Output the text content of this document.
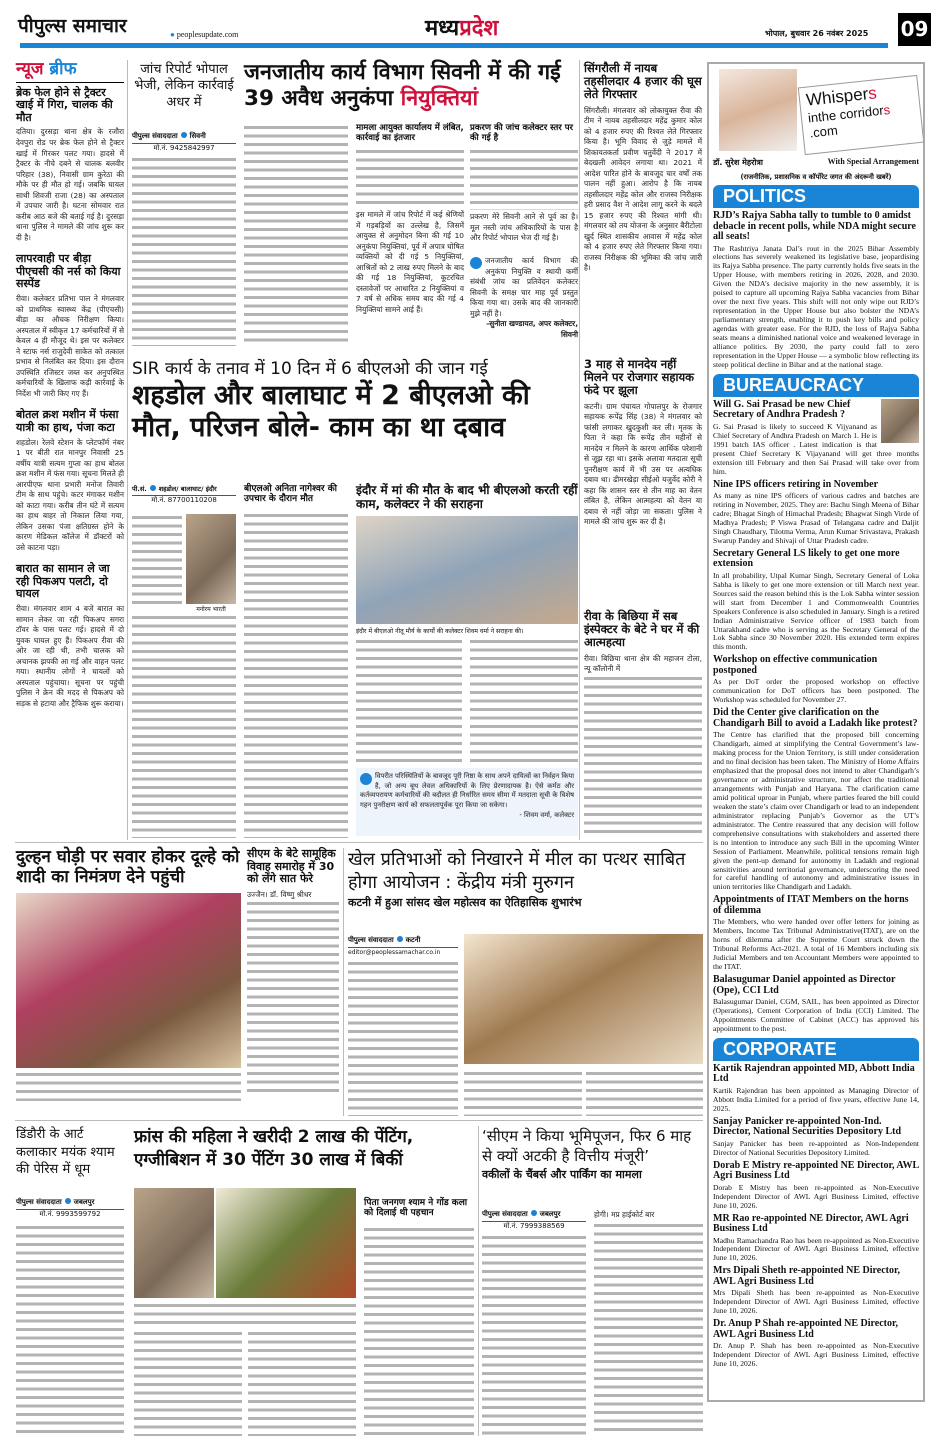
पीपुल्स समाचार	● peoplesupdate.com	मध्यप्रदेश	भोपाल, बुधवार 26 नवंबर 2025 09
न्यूज ब्रीफ
ब्रेक फेल होने से ट्रैक्टर खाई में गिरा, चालक की मौत
दतिया। दुरसड़ा थाना क्षेत्र के रजौरा देवपुरा रोड पर ब्रेक फेल होने से ट्रैक्टर खाई में गिरकर पलट गया। हादसे में ट्रैक्टर के नीचे दबने से चालक बलवीर परिहार (38), निवासी ग्राम कुरेठा की मौके पर ही मौत हो गई। जबकि घायल साथी शिवजी राजा (28) का अस्पताल में उपचार जारी है। घटना सोमवार रात करीब आठ बजे की बताई गई है। दुरसड़ा थाना पुलिस ने मामले की जांच शुरू कर दी है।
लापरवाही पर बीड़ा पीएचसी की नर्स को किया सस्पेंड
रीवा। कलेक्टर प्रतिभा पाल ने मंगलवार को प्राथमिक स्वास्थ्य केंद्र (पीएचसी) बीड़ा का औचक निरीक्षण किया। अस्पताल में स्वीकृत 17 कर्मचारियों में से केवल 4 ही मौजूद थे। इस पर कलेक्टर ने स्टाफ नर्स राजुदेवी साकेत को तत्काल प्रभाव से निलंबित कर दिया। इस दौरान उपस्थिति रजिस्टर जब्त कर अनुपस्थित कर्मचारियों के खिलाफ कड़ी कार्रवाई के निर्देश भी जारी किए गए हैं।
बोतल क्रश मशीन में फंसा यात्री का हाथ, पंजा कटा
शहडोल। रेलवे स्टेशन के प्लेटफॉर्म नंबर 1 पर बीती रात मानपुर निवासी 25 वर्षीय यात्री सत्यम गुप्ता का हाथ बोतल क्रश मशीन में फंस गया। सूचना मिलते ही आरपीएफ थाना प्रभारी मनोज तिवारी टीम के साथ पहुंचे। कटर मंगाकर मशीन को काटा गया। करीब तीन घंटे में सत्यम का हाथ बाहर तो निकाल लिया गया, लेकिन उसका पंजा क्षतिग्रस्त होने के कारण मेडिकल कॉलेज में डॉक्टरों को उसे काटना पड़ा।
बारात का सामान ले जा रही पिकअप पलटी, दो घायल
रीवा। मंगलवार शाम 4 बजे बारात का सामान लेकर जा रही पिकअप सगरा टॉवर के पास पलट गई। हादसे में दो युवक घायल हुए हैं। पिकअप रीवा की ओर जा रही थी, तभी चालक को अचानक झपकी आ गई और वाहन पलट गया। स्थानीय लोगों ने घायलों को अस्पताल पहुंचाया। सूचना पर पहुंची पुलिस ने क्रेन की मदद से पिकअप को सड़क से हटाया और ट्रैफिक शुरू कराया।
जांच रिपोर्ट भोपाल भेजी, लेकिन कार्रवाई अधर में
पीपुल्स संवाददाता सिवनी
मो.नं. 9425842997
जनजातीय कार्य विभाग सिवनी में की गई 39 अवैध अनुकंपा नियुक्तियां
मामला आयुक्त कार्यालय में लंबित, कार्रवाई का इंतजार
इस मामले में जांच रिपोर्ट में कई श्रेणियों में गड़बड़ियों का उल्लेख है, जिसमें आयुक्त से अनुमोदन बिना की गई 10 अनुकंपा नियुक्तियां, पूर्व में अपात्र घोषित व्यक्तियों को दी गई 5 नियुक्तियां, आश्रितों को 2 लाख रुपए मिलने के बाद की गई 18 नियुक्तियां, कूटरचित दस्तावेजों पर आधारित 2 नियुक्तियां व 7 वर्ष से अधिक समय बाद की गई 4 नियुक्तियां सामने आई हैं।
प्रकरण की जांच कलेक्टर स्तर पर की गई है
प्रकरण मेरे सिवनी आने से पूर्व का है। मूल नस्ती जांच अधिकारियों के पास है और रिपोर्ट भोपाल भेज दी गई है।
जनजातीय कार्य विभाग की अनुकंपा नियुक्ति व स्थायी कर्मी संबंधी जांच का प्रतिवेदन कलेक्टर सिवनी के समक्ष चार माह पूर्व प्रस्तुत किया गया था। उसके बाद की जानकारी मुझे नहीं है।
-सुनीता खण्डायत, अपर कलेक्टर, सिवनी
सिंगरौली में नायब तहसीलदार 4 हजार की घूस लेते गिरफ्तार
सिंगरौली। मंगलवार को लोकायुक्त रीवा की टीम ने नायब तहसीलदार महेंद्र कुमार कोल को 4 हजार रुपए की रिश्वत लेते गिरफ्तार किया है। भूमि विवाद से जुड़े मामले में शिकायतकर्ता प्रवीण चतुर्वेदी ने 2017 में बेदखली आवेदन लगाया था। 2021 में आदेश पारित होने के बावजूद चार वर्षों तक पालन नहीं हुआ। आरोप है कि नायब तहसीलदार महेंद्र कोल और राजस्व निरीक्षक हरी प्रसाद वैश ने आदेश लागू करने के बदले 15 हजार रुपए की रिश्वत मांगी थी। मंगलवार को तय योजना के अनुसार बैरीटोला खुर्द स्थित शासकीय आवास में महेंद्र कोल को 4 हजार रुपए लेते गिरफ्तार किया गया। राजस्व निरीक्षक की भूमिका की जांच जारी है।
SIR कार्य के तनाव में 10 दिन में 6 बीएलओ की जान गई
शहडोल और बालाघाट में 2 बीएलओ की मौत, परिजन बोले- काम का था दबाव
पी.सं. शहडोल/ बालाघाट/ इंदौर
मो.नं. 87700110208
मनोरम भारती
बीएलओ अनिता नागेश्वर की उपचार के दौरान मौत
इंदौर में मां की मौत के बाद भी बीएलओ करती रहीं काम, कलेक्टर ने की सराहना
इंदौर में बीएलओ नीतू मौर्य के कार्यों की कलेक्टर शिवम वर्मा ने सराहना की।
विपरीत परिस्थितियों के बावजूद पूरी निष्ठा के साथ अपने दायित्वों का निर्वहन किया है, जो अन्य बूथ लेवल अधिकारियों के लिए प्रेरणादायक है। ऐसे कर्मठ और कर्तव्यपरायण कर्मचारियों की बदौलत ही निर्धारित समय सीमा में मतदाता सूची के विशेष गहन पुनरीक्षण कार्य को सफलतापूर्वक पूरा किया जा सकेगा।
- शिवम वर्मा, कलेक्टर
3 माह से मानदेय नहीं मिलने पर रोजगार सहायक फंदे पर झूला
कटनी। ग्राम पंचायत गोपालपुर के रोजगार सहायक रूपेंद्र सिंह (38) ने मंगलवार को फांसी लगाकर खुदकुशी कर ली। मृतक के पिता ने कहा कि रूपेंद्र तीन महीनों से मानदेय न मिलने के कारण आर्थिक परेशानी से जूझ रहा था। इसके अलावा मतदाता सूची पुनरीक्षण कार्य में भी उस पर अत्यधिक दबाव था। ढीमरखेड़ा सीईओ यजुर्वेद कोरी ने कहा कि शासन स्तर से तीन माह का वेतन लंबित है, लेकिन आत्महत्या को वेतन या दबाव से नहीं जोड़ा जा सकता। पुलिस ने मामले की जांच शुरू कर दी है।
रीवा के बिछिया में सब इंस्पेक्टर के बेटे ने घर में की आत्महत्या
रीवा। बिछिया थाना क्षेत्र की महाजन टोला, न्यू कॉलोनी में
दुल्हन घोड़ी पर सवार होकर दूल्हे को शादी का निमंत्रण देने पहुंची
सीएम के बेटे सामूहिक विवाह समारोह में 30 को लेंगे सात फेरे
उज्जैन। डॉ. विष्णु श्रीधर
खेल प्रतिभाओं को निखारने में मील का पत्थर साबित होगा आयोजन : केंद्रीय मंत्री मुरुगन
कटनी में हुआ सांसद खेल महोत्सव का ऐतिहासिक शुभारंभ
पीपुल्स संवाददाता कटनी
editor@peoplessamachar.co.in
डिंडौरी के आर्ट कलाकार मयंक श्याम की पेरिस में धूम
पीपुल्स संवाददाता जबलपुर
मो.नं. 9993599792
फ्रांस की महिला ने खरीदी 2 लाख की पेंटिंग, एग्जीबिशन में 30 पेंटिंग 30 लाख में बिकीं
पिता जनगण श्याम ने गोंड कला को दिलाई थी पहचान
‘सीएम ने किया भूमिपूजन, फिर 6 माह से क्यों अटकी है वित्तीय मंजूरी’
वकीलों के चैंबर्स और पार्किंग का मामला
पीपुल्स संवाददाता जबलपुर
मो.नं. 7999388569
होगी। मप्र हाईकोर्ट बार
Whispers
inthe corridors
.com
डॉ. सुरेश मेहरोत्रा	With Special Arrangement
(राजनीतिक, प्रशासनिक व कॉर्पोरेट जगत की अंदरूनी खबरें)
POLITICS
RJD’s Rajya Sabha tally to tumble to 0 amidst debacle in recent polls, while NDA might secure all seats!
The Rashtriya Janata Dal’s rout in the 2025 Bihar Assembly elections has severely weakened its legislative base, jeopardising its Rajya Sabha presence. The party currently holds five seats in the Upper House, with members retiring in 2026, 2028, and 2030. Given the NDA’s decisive majority in the new assembly, it is poised to capture all upcoming Rajya Sabha vacancies from Bihar over the next five years. This shift will not only wipe out RJD’s representation in the Upper House but also bolster the NDA’s parliamentary strength, enabling it to push key bills and policy agendas with greater ease. For the RJD, the loss of Rajya Sabha seats means a diminished national voice and weakened leverage in alliance politics. By 2030, the party could fall to zero representation in the Upper House — a symbolic blow reflecting its steep political decline in Bihar and at the national stage.
BUREAUCRACY
Will G. Sai Prasad be new Chief Secretary of Andhra Pradesh ?
G. Sai Prasad is likely to succeed K Vijyanand as Chief Secretary of Andhra Pradesh on March 1. He is 1991 batch IAS officer . Latest indication is that present Chief Secretary K Vijayanand will get three months extension till February and then Sai Prasad will take over from him.
Nine IPS officers retiring in November
As many as nine IPS officers of various cadres and batches are retiring in November, 2025. They are: Bachu Singh Meena of Bihar cadre; Bhagat Singh of Himachal Pradesh; Bhagwat Singh Virde of Madhya Pradesh; P Viswa Prasad of Telangana cadre and Daljit Singh Chaudhary, Tilotma Verma, Arun Kumar Srivastava, Prakash Swarup Pandey and Shivaji of Uttar Pradesh cadre.
Secretary General LS likely to get one more extension
In all probability, Utpal Kumar Singh, Secretary General of Loka Sabha is likely to get one more extension or till March next year. Sources said the reason behind this is the Lok Sabha winter session will start from December 1 and Commonwealth Countries Speakers Conference is also scheduled in January. Singh is a retired Indian Administrative Service officer of 1983 batch from Uttarakhand cadre who is serving as the Secretary General of the Lok Sabha since 30 November 2020. His extended term expires this month.
Workshop on effective communication postponed
As per DoT order the proposed workshop on effective communication for DoT officers has been postponed. The Workshop was scheduled for November 27.
Did the Center give clarification on the Chandigarh Bill to avoid a Ladakh like protest?
The Centre has clarified that the proposed bill concerning Chandigarh, aimed at simplifying the Central Government’s law-making process for the Union Territory, is still under consideration and no final decision has been taken. The Ministry of Home Affairs emphasized that the proposal does not intend to alter Chandigarh’s governance or administrative structure, nor affect the traditional arrangements with Punjab and Haryana. The clarification came amid political uproar in Punjab, where parties feared the bill could weaken the state’s claim over Chandigarh or lead to an independent administrator replacing Punjab’s Governor as the UT’s administrator. The Centre reassured that any decision will follow comprehensive consultations with stakeholders and asserted there is no intention to introduce any such Bill in the upcoming Winter Session of Parliament. Meanwhile, political tensions remain high given the pent-up demand for autonomy in Ladakh and regional sensitivities around territorial governance, underscoring the need for careful handling of autonomy and administrative issues in union territories like Chandigarh and Ladakh.
Appointments of ITAT Members on the horns of dilemma
The Members, who were handed over offer letters for joining as Members, Income Tax Tribunal Administrative(ITAT), are on the horns of dilemma after the Supreme Court struck down the Tribunal Reforms Act-2021. A total of 16 Members including six Judicial Members and ten Accountant Members were appointed to the ITAT.
Balasugumar Daniel appointed as Director (Ope), CCI Ltd
Balasugumar Daniel, CGM, SAIL, has been appointed as Director (Operations), Cement Corporation of India (CCI) Limited. The Appointments Committee of Cabinet (ACC) has approved his appointment to the post.
CORPORATE
Kartik Rajendran appointed MD, Abbott India Ltd
Kartik Rajendran has been appointed as Managing Director of Abbott India Limited for a period of five years, effective June 14, 2025.
Sanjay Panicker re-appointed Non-Ind. Director, National Securities Depository Ltd
Sanjay Panicker has been re-appointed as Non-Independent Director of National Securities Depository Limited.
Dorab E Mistry re-appointed NE Director, AWL Agri Business Ltd
Dorab E Mistry has been re-appointed as Non-Executive Independent Director of AWL Agri Business Limited, effective June 10, 2026.
MR Rao re-appointed NE Director, AWL Agri Business Ltd
Madhu Ramachandra Rao has been re-appointed as Non-Executive Independent Director of AWL Agri Business Limited, effective June 10, 2026.
Mrs Dipali Sheth re-appointed NE Director, AWL Agri Business Ltd
Mrs Dipali Sheth has been re-appointed as Non-Executive Independent Director of AWL Agri Business Limited, effective June 10, 2026.
Dr. Anup P Shah re-appointed NE Director, AWL Agri Business Ltd
Dr. Anup P. Shah has been re-appointed as Non-Executive Independent Director of AWL Agri Business Limited, effective June 10, 2026.
